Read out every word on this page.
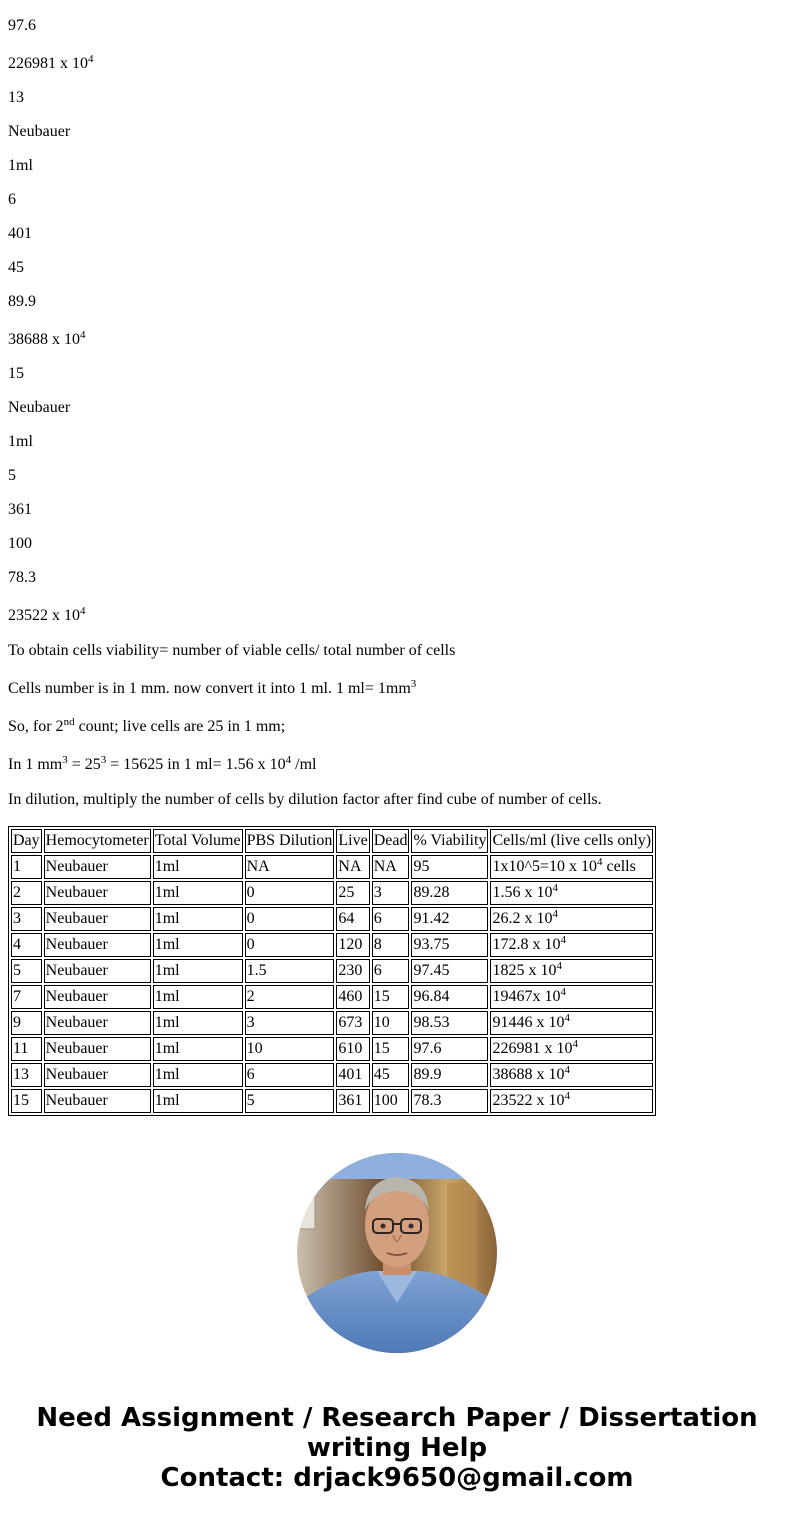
97.6
226981 x $10^4$
13
Neubauer
1ml
6
401
45
89.9
38688 x $10^4$
15
Neubauer
1ml
5
361
100
78.3
23522 x $10^4$
To obtain cells viability= number of viable cells/ total number of cells
Cells number is in 1 mm. now convert it into 1 ml. 1 $ml= 1mm^3$
So, for 2nd count; live cells are 25 in 1 mm;
In 1 $mm^3 = 25^3 = 15625$ in 1 ml= 1.56 x $10^4$ /ml
In dilution, multiply the number of cells by dilution factor after find cube of number of cells.
Day	Hemocytometer	Total Volume	PBS Dilution	Live	Dead	% Viability	Cells/ml (live cells only)
1	Neubauer	1ml	NA	NA	NA	95	1x10^5=10 x $10^4$ cells
2	Neubauer	1ml	0	25	3	89.28	1.56 x $10^4$
3	Neubauer	1ml	0	64	6	91.42	26.2 x $10^4$
4	Neubauer	1ml	0	120	8	93.75	172.8 x $10^4$
5	Neubauer	1ml	1.5	230	6	97.45	1825 x $10^4$
7	Neubauer	1ml	2	460	15	96.84	19467x $10^4$
9	Neubauer	1ml	3	673	10	98.53	91446 x $10^4$
11	Neubauer	1ml	10	610	15	97.6	226981 x $10^4$
13	Neubauer	1ml	6	401	45	89.9	38688 x $10^4$
15	Neubauer	1ml	5	361	100	78.3	23522 x $10^4$
Need Assignment / Research Paper / Dissertation
writing Help
Contact: drjack9650@gmail.com
